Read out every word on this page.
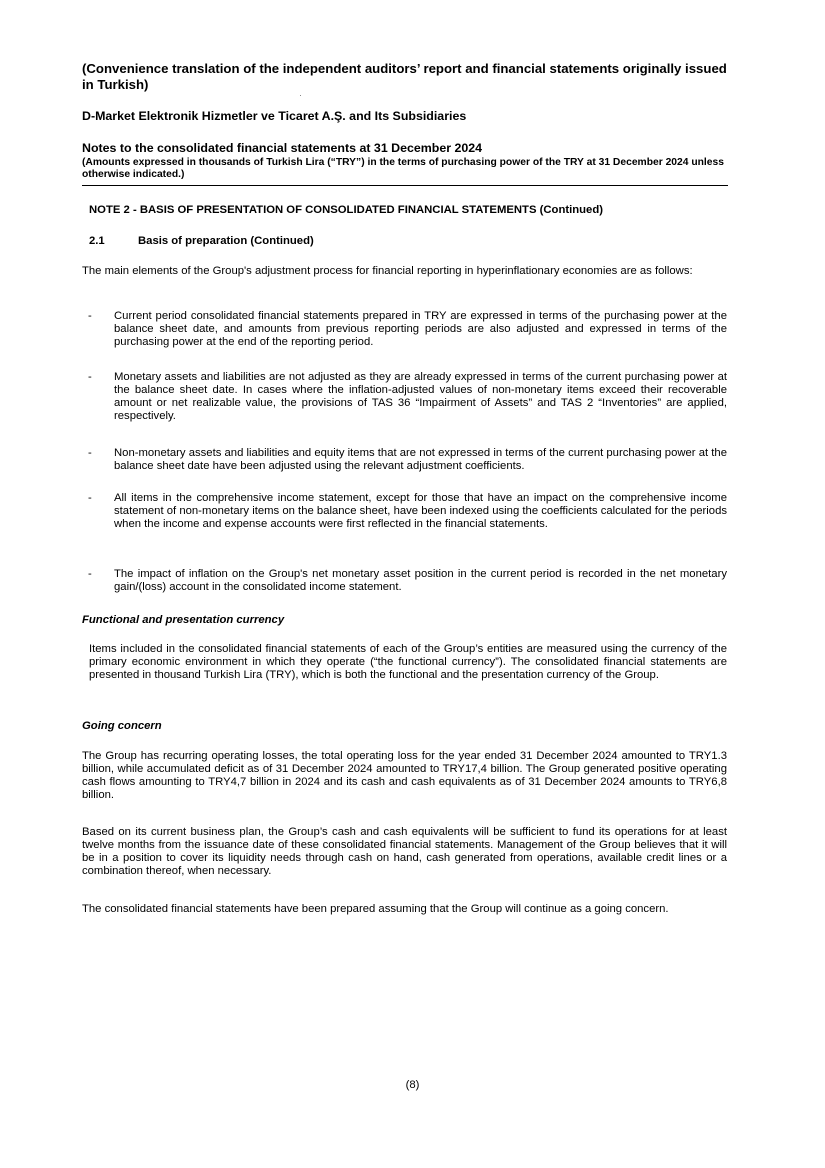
(Convenience translation of the independent auditors’ report and financial statements originally issued in Turkish)

D-Market Elektronik Hizmetler ve Ticaret A.Ş. and Its Subsidiaries

Notes to the consolidated financial statements at 31 December 2024

(Amounts expressed in thousands of Turkish Lira (“TRY”) in the terms of purchasing power of the TRY at 31 December 2024 unless otherwise indicated.)

NOTE 2 - BASIS OF PRESENTATION OF CONSOLIDATED FINANCIAL STATEMENTS (Continued)

2.1	Basis of preparation (Continued)

The main elements of the Group's adjustment process for financial reporting in hyperinflationary economies are as follows:

- Current period consolidated financial statements prepared in TRY are expressed in terms of the purchasing power at the balance sheet date, and amounts from previous reporting periods are also adjusted and expressed in terms of the purchasing power at the end of the reporting period.
- Monetary assets and liabilities are not adjusted as they are already expressed in terms of the current purchasing power at the balance sheet date. In cases where the inflation-adjusted values of non-monetary items exceed their recoverable amount or net realizable value, the provisions of TAS 36 “Impairment of Assets” and TAS 2 “Inventories” are applied, respectively.
- Non-monetary assets and liabilities and equity items that are not expressed in terms of the current purchasing power at the balance sheet date have been adjusted using the relevant adjustment coefficients.
- All items in the comprehensive income statement, except for those that have an impact on the comprehensive income statement of non-monetary items on the balance sheet, have been indexed using the coefficients calculated for the periods when the income and expense accounts were first reflected in the financial statements.
- The impact of inflation on the Group's net monetary asset position in the current period is recorded in the net monetary gain/(loss) account in the consolidated income statement.

Functional and presentation currency

Items included in the consolidated financial statements of each of the Group’s entities are measured using the currency of the primary economic environment in which they operate (“the functional currency”). The consolidated financial statements are presented in thousand Turkish Lira (TRY), which is both the functional and the presentation currency of the Group.

Going concern

The Group has recurring operating losses, the total operating loss for the year ended 31 December 2024 amounted to TRY1.3 billion, while accumulated deficit as of 31 December 2024 amounted to TRY17,4 billion. The Group generated positive operating cash flows amounting to TRY4,7 billion in 2024 and its cash and cash equivalents as of 31 December 2024 amounts to TRY6,8 billion.

Based on its current business plan, the Group’s cash and cash equivalents will be sufficient to fund its operations for at least twelve months from the issuance date of these consolidated financial statements. Management of the Group believes that it will be in a position to cover its liquidity needs through cash on hand, cash generated from operations, available credit lines or a combination thereof, when necessary.

The consolidated financial statements have been prepared assuming that the Group will continue as a going concern.

(8)
